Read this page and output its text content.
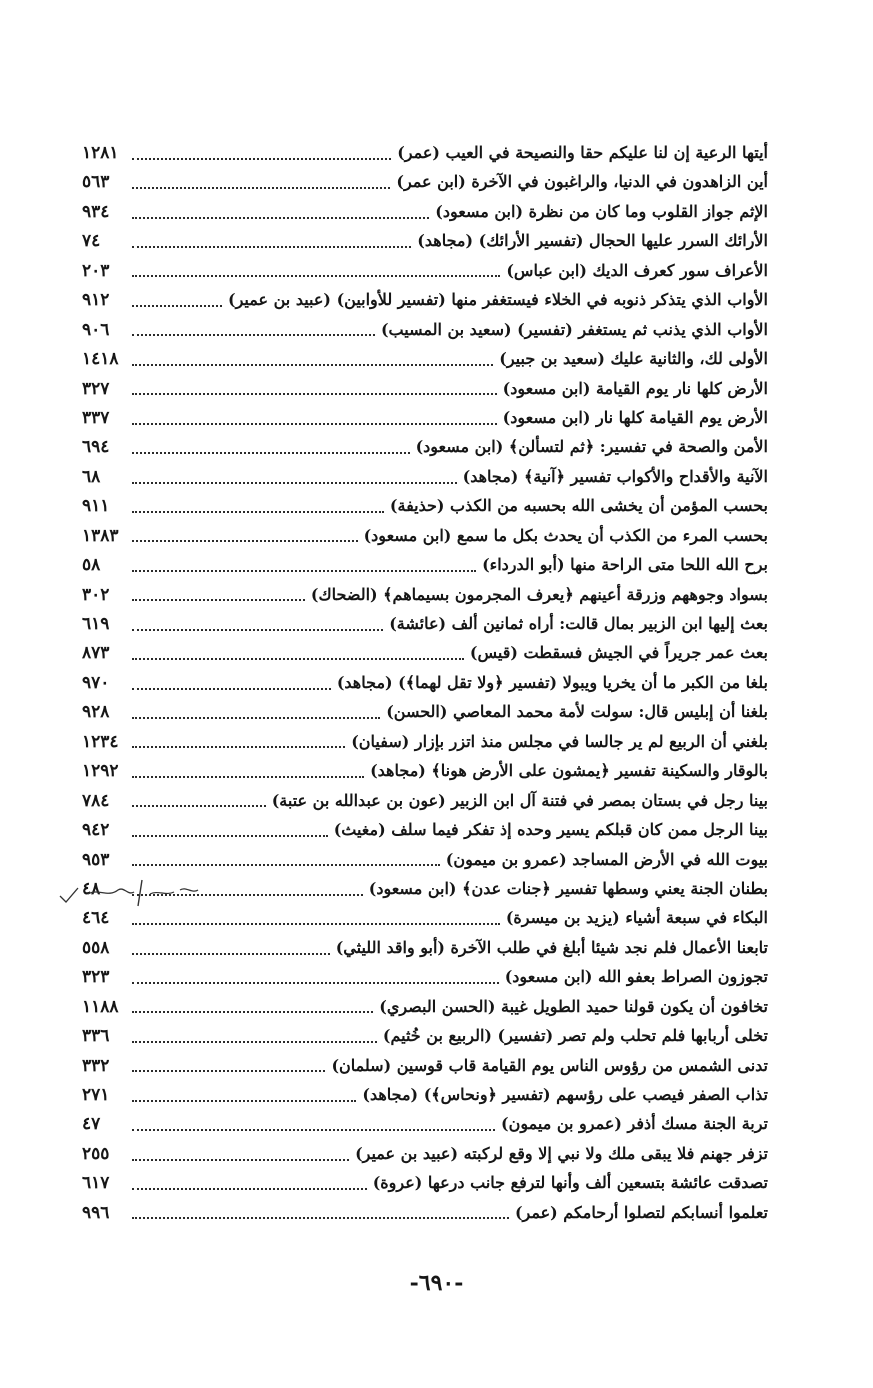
أيتها الرعية إن لنا عليكم حقا والنصيحة في العيب (عمر)
١٢٨١
أين الزاهدون في الدنيا، والراغبون في الآخرة (ابن عمر)
٥٦٣
الإثم جواز القلوب وما كان من نظرة (ابن مسعود)
٩٣٤
الأرائك السرر عليها الحجال (تفسير الأرائك) (مجاهد)
٧٤
الأعراف سور كعرف الديك (ابن عباس)
٢٠٣
الأواب الذي يتذكر ذنوبه في الخلاء فيستغفر منها (تفسير للأوابين) (عبيد بن عمير)
٩١٢
الأواب الذي يذنب ثم يستغفر (تفسير) (سعيد بن المسيب)
٩٠٦
الأولى لك، والثانية عليك (سعيد بن جبير)
١٤١٨
الأرض كلها نار يوم القيامة (ابن مسعود)
٣٢٧
الأرض يوم القيامة كلها نار (ابن مسعود)
٣٣٧
الأمن والصحة في تفسير: ﴿ثم لتسألن﴾ (ابن مسعود)
٦٩٤
الآنية والأقداح والأكواب تفسير ﴿آنية﴾ (مجاهد)
٦٨
بحسب المؤمن أن يخشى الله بحسبه من الكذب (حذيفة)
٩١١
بحسب المرء من الكذب أن يحدث بكل ما سمع (ابن مسعود)
١٣٨٣
برح الله اللحا متى الراحة منها (أبو الدرداء)
٥٨
بسواد وجوههم وزرقة أعينهم ﴿يعرف المجرمون بسيماهم﴾ (الضحاك)
٣٠٢
بعث إليها ابن الزبير بمال قالت: أراه ثمانين ألف (عائشة)
٦١٩
بعث عمر جريراً في الجيش فسقطت (قيس)
٨٧٣
بلغا من الكبر ما أن يخريا ويبولا (تفسير ﴿ولا تقل لهما﴾) (مجاهد)
٩٧٠
بلغنا أن إبليس قال: سولت لأمة محمد المعاصي (الحسن)
٩٢٨
بلغني أن الربيع لم ير جالسا في مجلس منذ اتزر بإزار (سفيان)
١٢٣٤
بالوقار والسكينة تفسير ﴿يمشون على الأرض هونا﴾ (مجاهد)
١٢٩٢
بينا رجل في بستان بمصر في فتنة آل ابن الزبير (عون بن عبدالله بن عتبة)
٧٨٤
بينا الرجل ممن كان قبلكم يسير وحده إذ تفكر فيما سلف (مغيث)
٩٤٢
بيوت الله في الأرض المساجد (عمرو بن ميمون)
٩٥٣
بطنان الجنة يعني وسطها تفسير ﴿جنات عدن﴾ (ابن مسعود)
٤٨
البكاء في سبعة أشياء (يزيد بن ميسرة)
٤٦٤
تابعنا الأعمال فلم نجد شيئا أبلغ في طلب الآخرة (أبو واقد الليثي)
٥٥٨
تجوزون الصراط بعفو الله (ابن مسعود)
٣٢٣
تخافون أن يكون قولنا حميد الطويل غيبة (الحسن البصري)
١١٨٨
تخلى أربابها فلم تحلب ولم تصر (تفسير) (الربيع بن خُثيم)
٣٣٦
تدنى الشمس من رؤوس الناس يوم القيامة قاب قوسين (سلمان)
٣٣٢
تذاب الصفر فيصب على رؤسهم (تفسير ﴿ونحاس﴾) (مجاهد)
٢٧١
تربة الجنة مسك أذفر (عمرو بن ميمون)
٤٧
تزفر جهنم فلا يبقى ملك ولا نبي إلا وقع لركبته (عبيد بن عمير)
٢٥٥
تصدقت عائشة بتسعين ألف وأنها لترفع جانب درعها (عروة)
٦١٧
تعلموا أنسابكم لتصلوا أرحامكم (عمر)
٩٩٦
-٦٩٠-
